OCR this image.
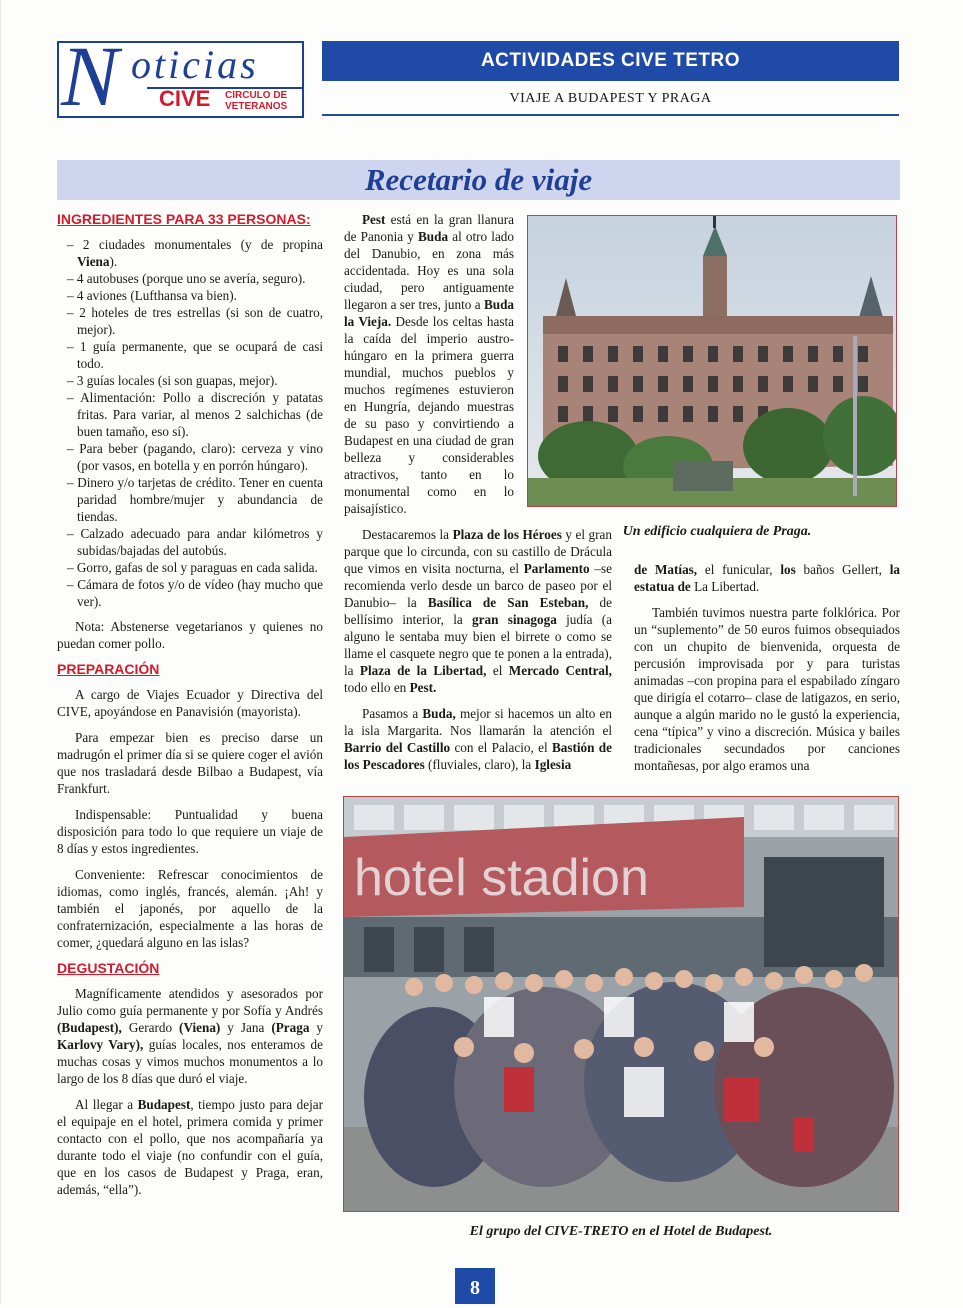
N oticias
CIVE CIRCULO DE
VETERANOS
ACTIVIDADES CIVE TETRO
VIAJE A BUDAPEST Y PRAGA
Recetario de viaje
INGREDIENTES PARA 33 PERSONAS:

– 2 ciudades monumentales (y de propina Viena).

– 4 autobuses (porque uno se avería, seguro).

– 4 aviones (Lufthansa va bien).

– 2 hoteles de tres estrellas (si son de cuatro, mejor).

– 1 guía permanente, que se ocupará de casi todo.

– 3 guías locales (si son guapas, mejor).

– Alimentación: Pollo a discreción y patatas fritas. Para variar, al menos 2 salchichas (de buen tamaño, eso sí).

– Para beber (pagando, claro): cerveza y vino (por vasos, en botella y en porrón húngaro).

– Dinero y/o tarjetas de crédito. Tener en cuenta paridad hombre/mujer y abundancia de tiendas.

– Calzado adecuado para andar kilómetros y subidas/bajadas del autobús.

– Gorro, gafas de sol y paraguas en cada salida.

– Cámara de fotos y/o de vídeo (hay mucho que ver).

Nota: Abstenerse vegetarianos y quienes no puedan comer pollo.

PREPARACIÓN

A cargo de Viajes Ecuador y Directiva del CIVE, apoyándose en Panavisión (mayorista).

Para empezar bien es preciso darse un madrugón el primer día si se quiere coger el avión que nos trasladará desde Bilbao a Budapest, vía Frankfurt.

Indispensable: Puntualidad y buena disposición para todo lo que requiere un viaje de 8 días y estos ingredientes.

Conveniente: Refrescar conocimientos de idiomas, como inglés, francés, alemán. ¡Ah! y también el japonés, por aquello de la confraternización, especialmente a las horas de comer, ¿quedará alguno en las islas?

DEGUSTACIÓN

Magníficamente atendidos y asesorados por Julio como guía permanente y por Sofía y Andrés (Budapest), Gerardo (Viena) y Jana (Praga y Karlovy Vary), guías locales, nos enteramos de muchas cosas y vimos muchos monumentos a lo largo de los 8 días que duró el viaje.

Al llegar a Budapest, tiempo justo para dejar el equipaje en el hotel, primera comida y primer contacto con el pollo, que nos acompañaría ya durante todo el viaje (no confundir con el guía, que en los casos de Budapest y Praga, eran, además, “ella”).

Pest está en la gran llanura de Panonia y Buda al otro lado del Danubio, en zona más accidentada. Hoy es una sola ciudad, pero antiguamente llegaron a ser tres, junto a Buda la Vieja. Desde los celtas hasta la caída del imperio austro-húngaro en la primera guerra mundial, muchos pueblos y muchos regímenes estuvieron en Hungría, dejando muestras de su paso y convirtiendo a Budapest en una ciudad de gran belleza y considerables atractivos, tanto en lo monumental como en lo paisajístico.

Destacaremos la Plaza de los Héroes y el gran parque que lo circunda, con su castillo de Drácula que vimos en visita nocturna, el Parlamento –se recomienda verlo desde un barco de paseo por el Danubio– la Basílica de San Esteban, de bellísimo interior, la gran sinagoga judía (a alguno le sentaba muy bien el birrete o como se llame el casquete negro que te ponen a la entrada), la Plaza de la Libertad, el Mercado Central, todo ello en Pest.

Pasamos a Buda, mejor si hacemos un alto en la isla Margarita. Nos llamarán la atención el Barrio del Castillo con el Palacio, el Bastión de los Pescadores (fluviales, claro), la Iglesia

de Matías, el funicular, los baños Gellert, la estatua de La Libertad.

También tuvimos nuestra parte folklórica. Por un “suplemento” de 50 euros fuimos obsequiados con un chupito de bienvenida, orquesta de percusión improvisada por y para turistas animadas –con propina para el espabilado zíngaro que dirigía el cotarro– clase de latigazos, en serio, aunque a algún marido no le gustó la experiencia, cena “típica” y vino a discreción. Música y bailes tradicionales secundados por canciones montañesas, por algo eramos una

Un edificio cualquiera de Praga.
hotel stadion
El grupo del CIVE-TRETO en el Hotel de Budapest.
8
